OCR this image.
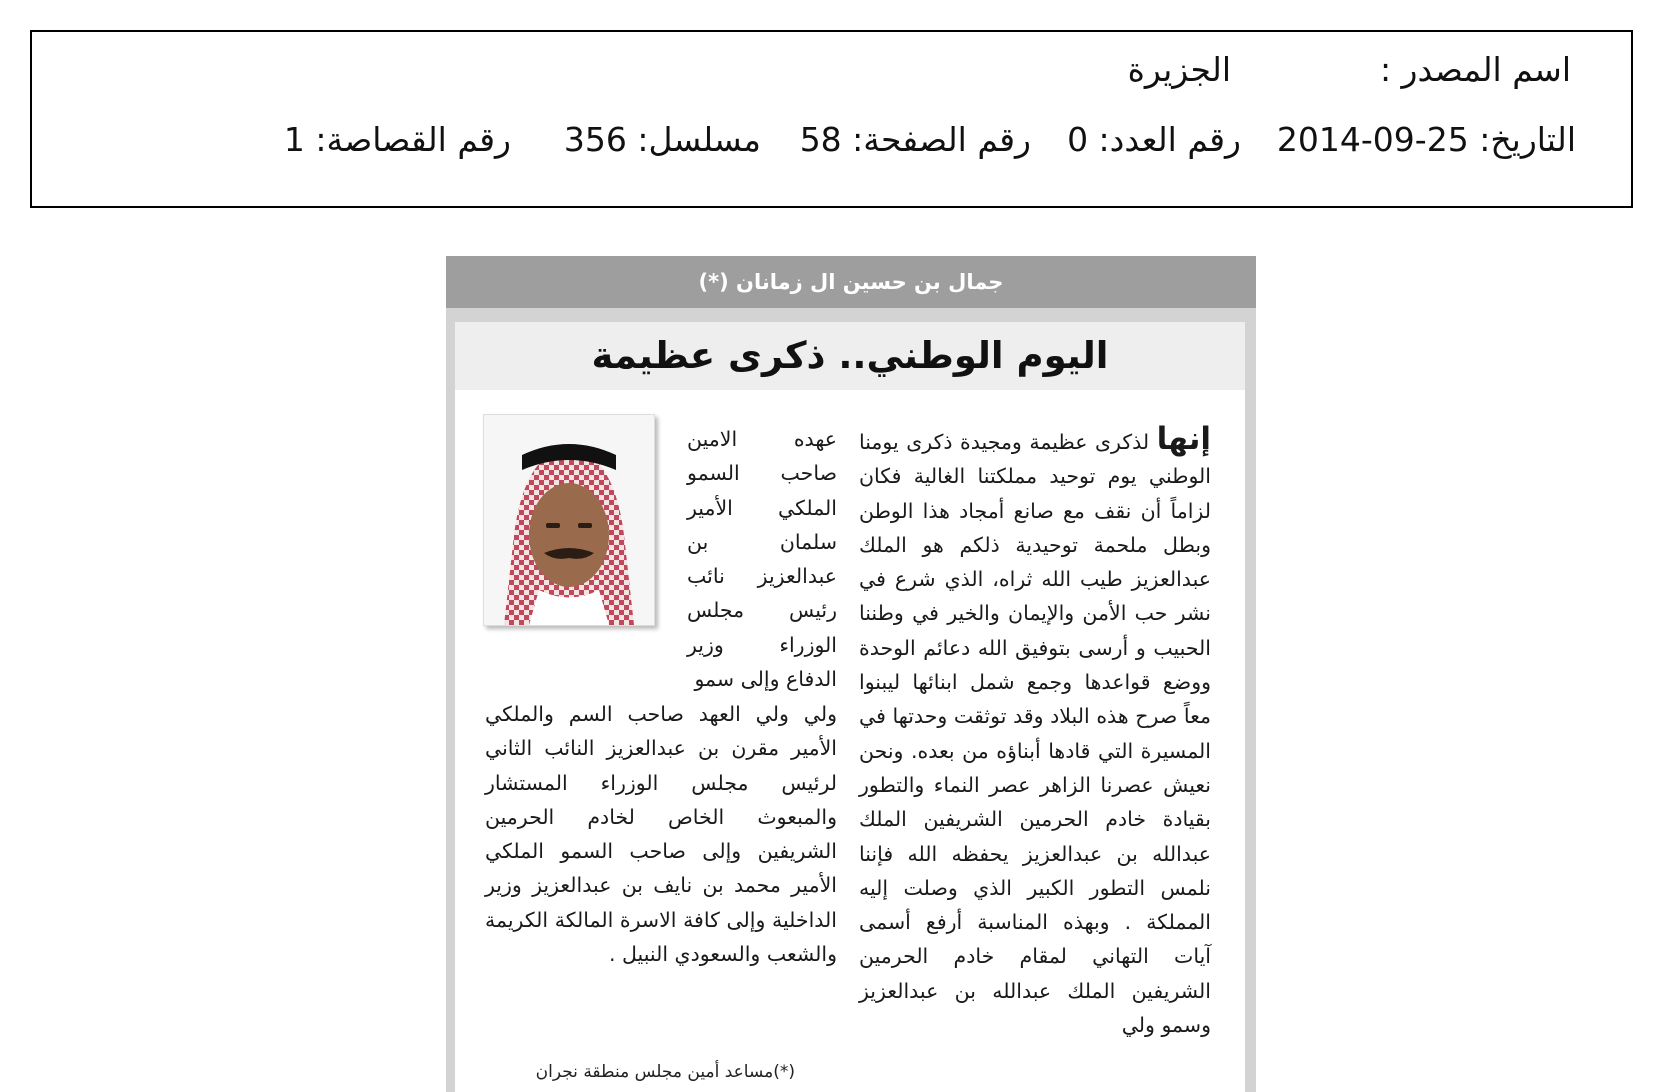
اسم المصدر :
الجزيرة
التاريخ: 25-09-2014
رقم العدد: 0
رقم الصفحة: 58
مسلسل: 356
رقم القصاصة: 1
جمال بن حسين ال زمانان (*)
اليوم الوطني.. ذكرى عظيمة
إنها لذكرى عظيمة ومجيدة ذكرى يومنا الوطني يوم توحيد مملكتنا الغالية فكان لزاماً أن نقف مع صانع أمجاد هذا الوطن وبطل ملحمة توحيدية ذلكم هو الملك عبدالعزيز طيب الله ثراه، الذي شرع في نشر حب الأمن والإيمان والخير في وطننا الحبيب و أرسى بتوفيق الله دعائم الوحدة ووضع قواعدها وجمع شمل ابنائها ليبنوا معاً صرح هذه البلاد وقد توثقت وحدتها في المسيرة التي قادها أبناؤه من بعده. ونحن نعيش عصرنا الزاهر عصر النماء والتطور بقيادة خادم الحرمين الشريفين الملك عبدالله بن عبدالعزيز يحفظه الله فإننا نلمس التطور الكبير الذي وصلت إليه المملكة . وبهذه المناسبة أرفع أسمى آيات التهاني لمقام خادم الحرمين الشريفين الملك عبدالله بن عبدالعزيز وسمو ولي
عهده الامين صاحب السمو الملكي الأمير سلمان بن عبدالعزيز نائب رئيس مجلس الوزراء وزير الدفاع وإلى سمو
ولي ولي العهد صاحب السم والملكي الأمير مقرن بن عبدالعزيز النائب الثاني لرئيس مجلس الوزراء المستشار والمبعوث الخاص لخادم الحرمين الشريفين وإلى صاحب السمو الملكي الأمير محمد بن نايف بن عبدالعزيز وزير الداخلية وإلى كافة الاسرة المالكة الكريمة والشعب والسعودي النبيل .
(*)مساعد أمين مجلس منطقة نجران
